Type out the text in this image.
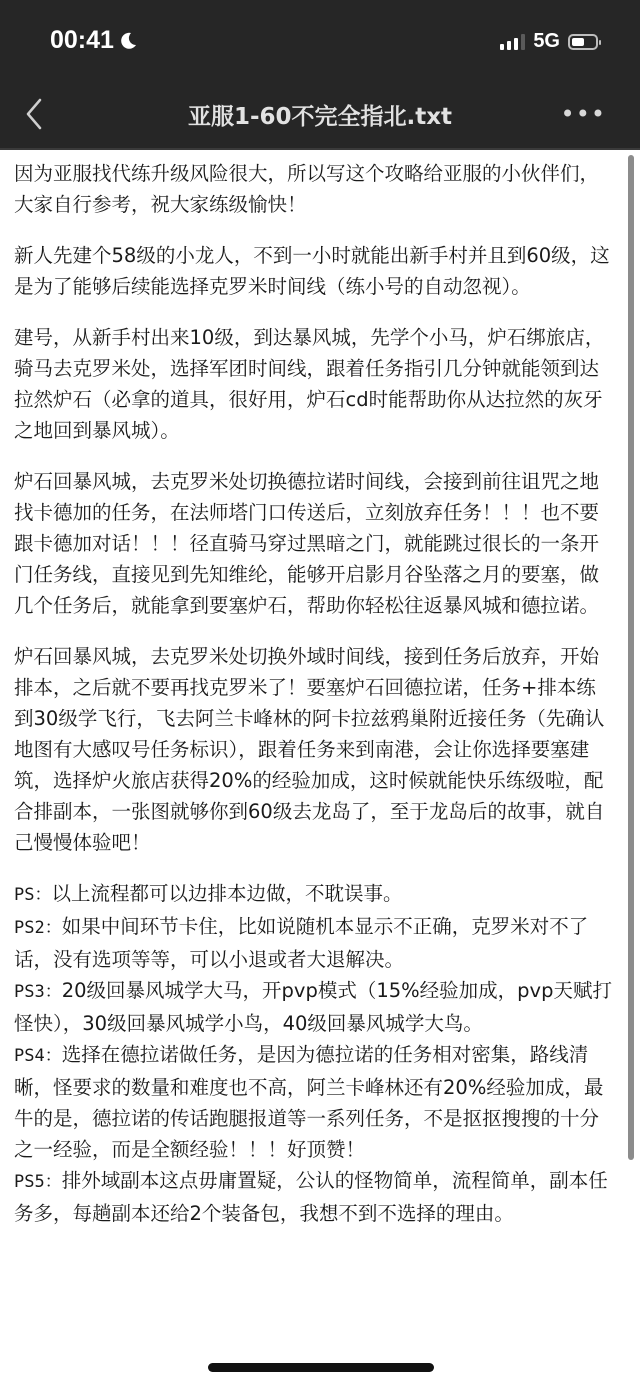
00:41	5G
亚服1-60不完全指北.txt	•••

因为亚服找代练升级风险很大，所以写这个攻略给亚服的小伙伴们，大家自行参考，祝大家练级愉快！

新人先建个58级的小龙人，不到一小时就能出新手村并且到60级，这是为了能够后续能选择克罗米时间线（练小号的自动忽视）。

建号，从新手村出来10级，到达暴风城，先学个小马，炉石绑旅店，骑马去克罗米处，选择军团时间线，跟着任务指引几分钟就能领到达拉然炉石（必拿的道具，很好用，炉石cd时能帮助你从达拉然的灰牙之地回到暴风城）。

炉石回暴风城，去克罗米处切换德拉诺时间线，会接到前往诅咒之地找卡德加的任务，在法师塔门口传送后，立刻放弃任务！！！也不要跟卡德加对话！！！径直骑马穿过黑暗之门，就能跳过很长的一条开门任务线，直接见到先知维纶，能够开启影月谷坠落之月的要塞，做几个任务后，就能拿到要塞炉石，帮助你轻松往返暴风城和德拉诺。

炉石回暴风城，去克罗米处切换外域时间线，接到任务后放弃，开始排本，之后就不要再找克罗米了！要塞炉石回德拉诺，任务+排本练到30级学飞行，飞去阿兰卡峰林的阿卡拉兹鸦巢附近接任务（先确认地图有大感叹号任务标识），跟着任务来到南港，会让你选择要塞建筑，选择炉火旅店获得20%的经验加成，这时候就能快乐练级啦，配合排副本，一张图就够你到60级去龙岛了，至于龙岛后的故事，就自己慢慢体验吧！

PS：以上流程都可以边排本边做，不耽误事。
PS2：如果中间环节卡住，比如说随机本显示不正确，克罗米对不了话，没有选项等等，可以小退或者大退解决。
PS3：20级回暴风城学大马，开pvp模式（15%经验加成，pvp天赋打怪快），30级回暴风城学小鸟，40级回暴风城学大鸟。
PS4：选择在德拉诺做任务，是因为德拉诺的任务相对密集，路线清晰，怪要求的数量和难度也不高，阿兰卡峰林还有20%经验加成，最牛的是，德拉诺的传话跑腿报道等一系列任务，不是抠抠搜搜的十分之一经验，而是全额经验！！！好顶赞！
PS5：排外域副本这点毋庸置疑，公认的怪物简单，流程简单，副本任务多，每趟副本还给2个装备包，我想不到不选择的理由。
